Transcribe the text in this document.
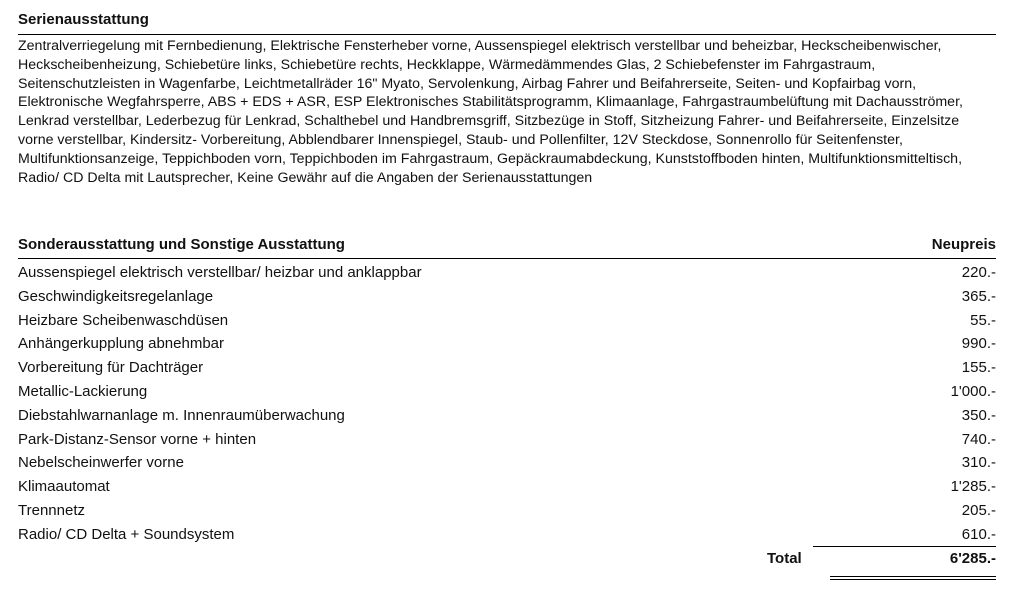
Serienausstattung
Zentralverriegelung mit Fernbedienung, Elektrische Fensterheber vorne, Aussenspiegel elektrisch verstellbar und beheizbar, Heckscheibenwischer, Heckscheibenheizung, Schiebetüre links, Schiebetüre rechts, Heckklappe, Wärmedämmendes Glas, 2 Schiebefenster im Fahrgastraum, Seitenschutzleisten in Wagenfarbe, Leichtmetallräder 16" Myato, Servolenkung, Airbag Fahrer und Beifahrerseite, Seiten- und Kopfairbag vorn, Elektronische Wegfahrsperre, ABS + EDS + ASR, ESP Elektronisches Stabilitätsprogramm, Klimaanlage, Fahrgastraumbelüftung mit Dachausströmer, Lenkrad verstellbar, Lederbezug für Lenkrad, Schalthebel und Handbremsgriff, Sitzbezüge in Stoff, Sitzheizung Fahrer- und Beifahrerseite, Einzelsitze vorne verstellbar, Kindersitz- Vorbereitung, Abblendbarer Innenspiegel, Staub- und Pollenfilter, 12V Steckdose, Sonnenrollo für Seitenfenster, Multifunktionsanzeige, Teppichboden vorn, Teppichboden im Fahrgastraum, Gepäckraumabdeckung, Kunststoffboden hinten, Multifunktionsmitteltisch, Radio/ CD Delta mit Lautsprecher, Keine Gewähr auf die Angaben der Serienausstattungen
Sonderausstattung und Sonstige Ausstattung	Neupreis
Aussenspiegel elektrisch verstellbar/ heizbar und anklappbar	220.-
Geschwindigkeitsregelanlage	365.-
Heizbare Scheibenwaschdüsen	55.-
Anhängerkupplung abnehmbar	990.-
Vorbereitung für Dachträger	155.-
Metallic-Lackierung	1'000.-
Diebstahlwarnanlage m. Innenraumüberwachung	350.-
Park-Distanz-Sensor vorne + hinten	740.-
Nebelscheinwerfer vorne	310.-
Klimaautomat	1'285.-
Trennnetz	205.-
Radio/ CD Delta + Soundsystem	610.-
Total	6'285.-
